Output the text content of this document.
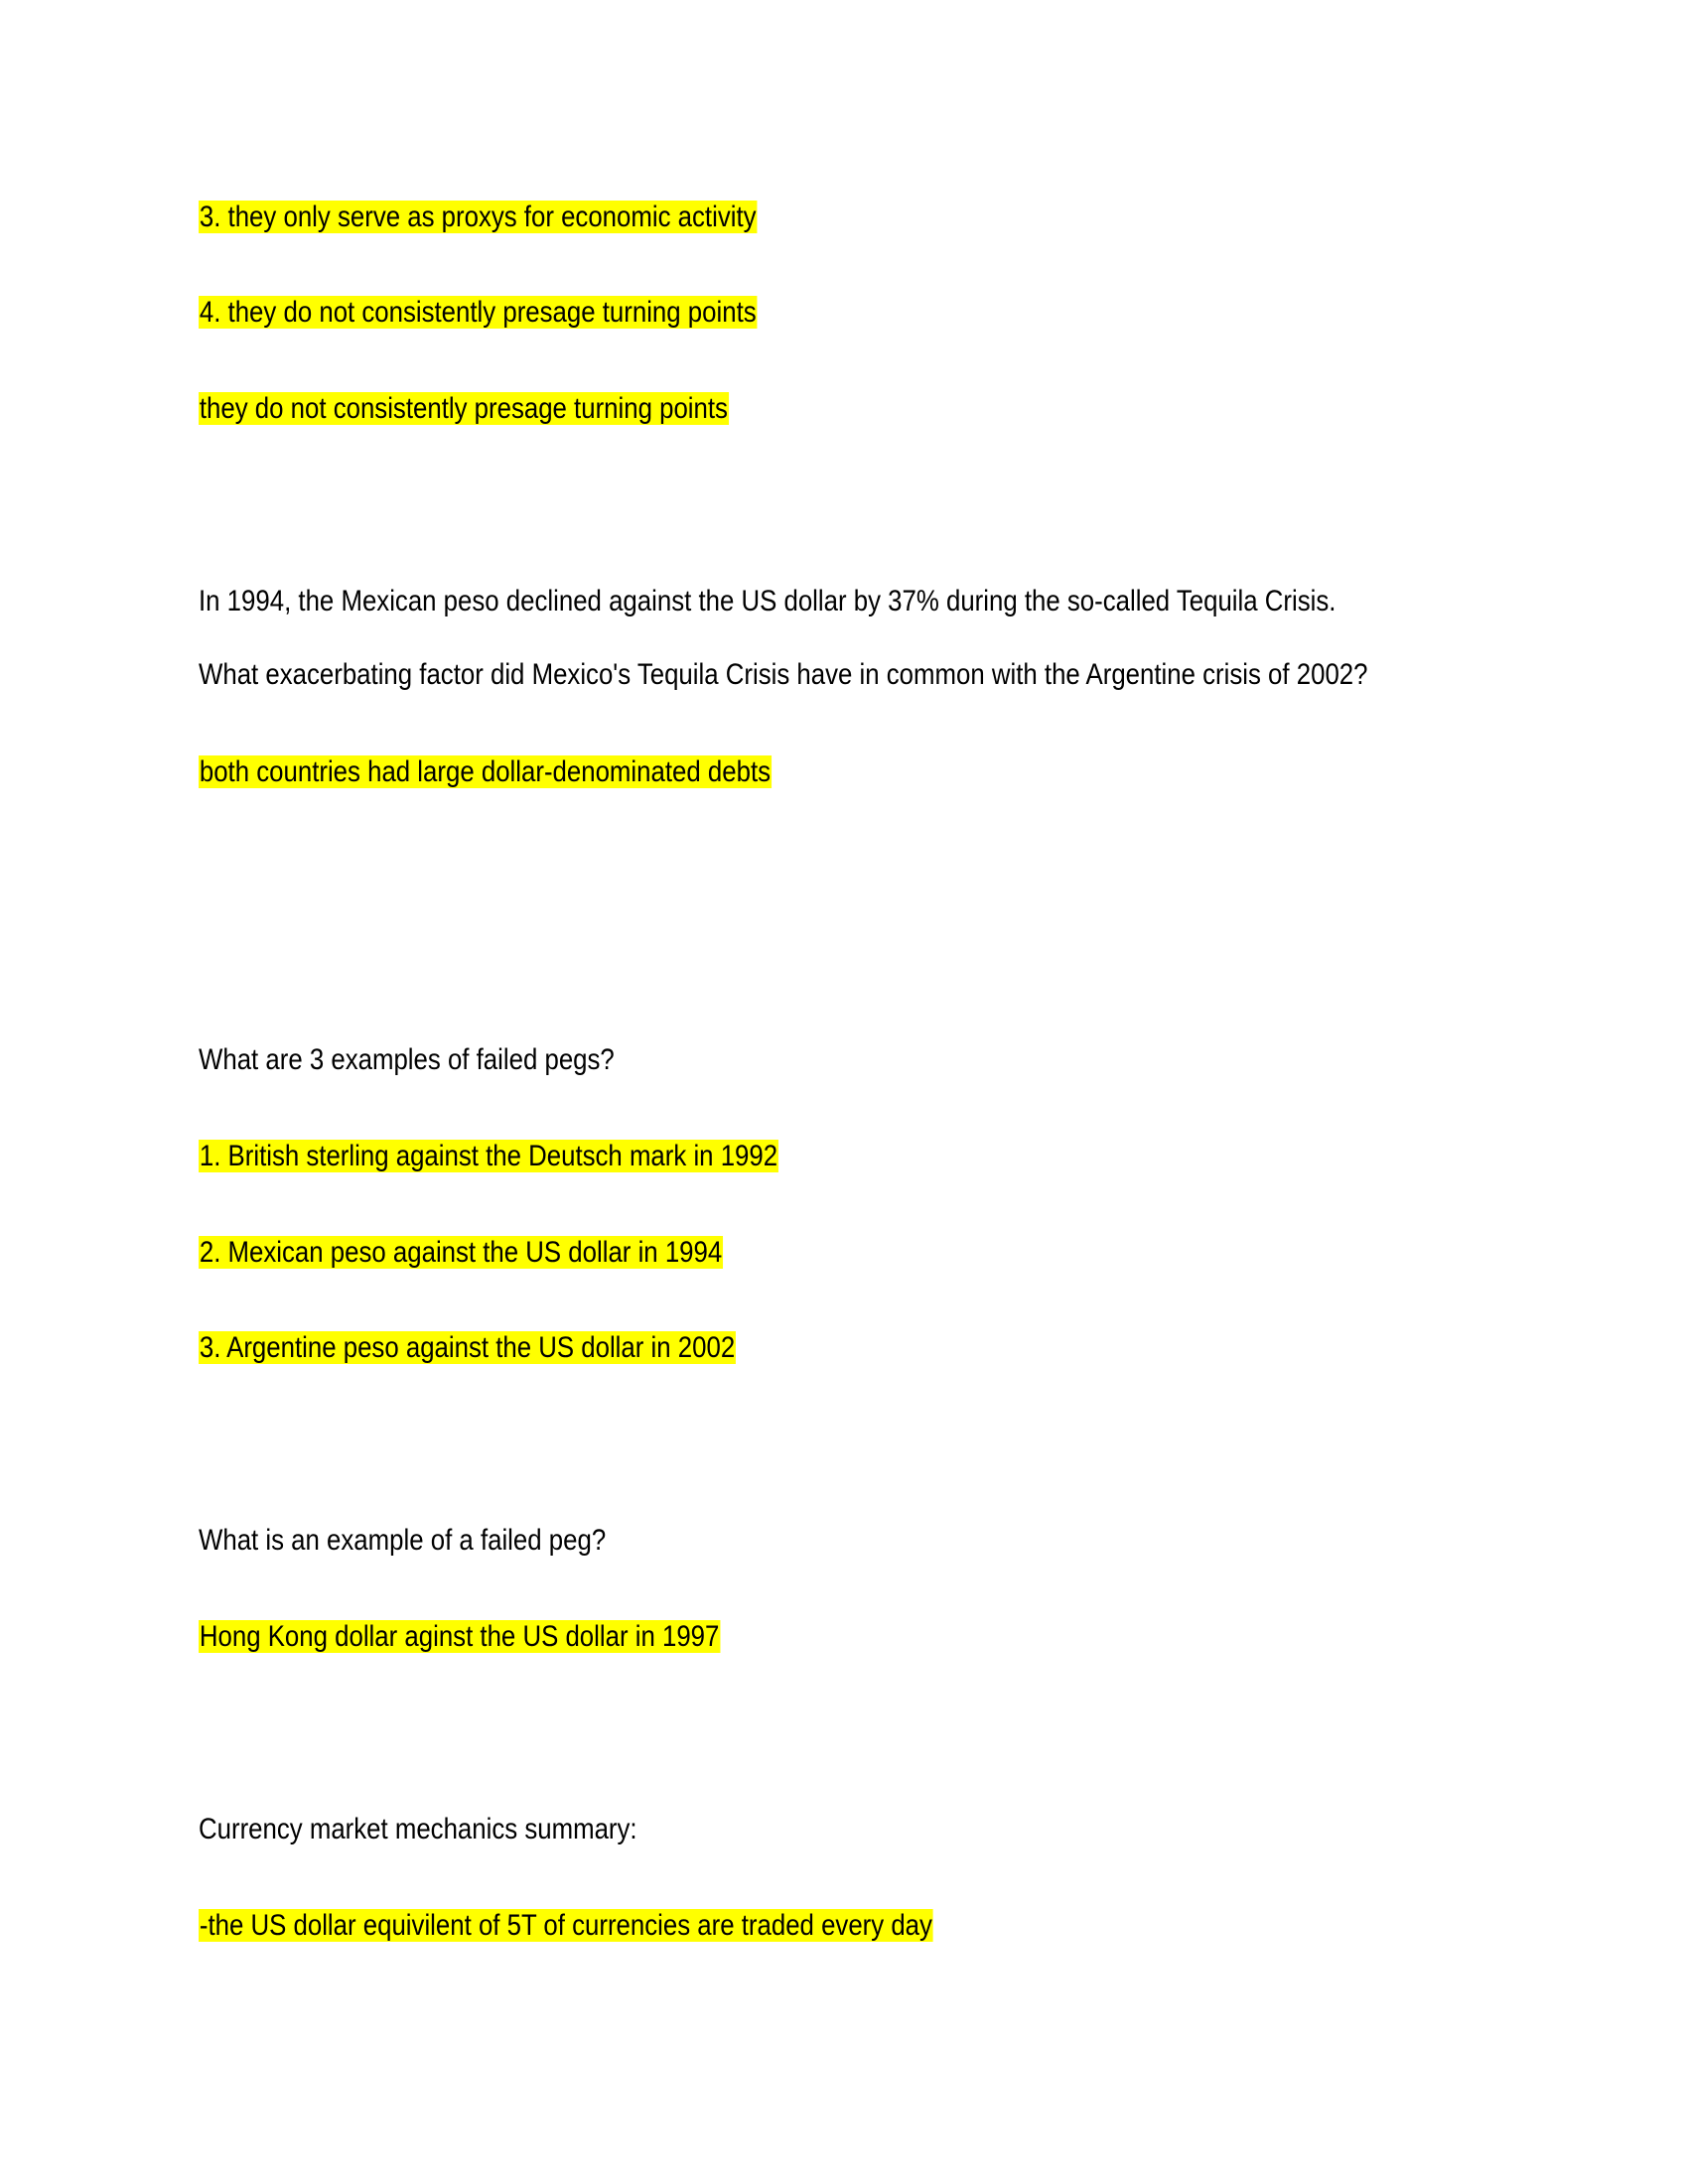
3. they only serve as proxys for economic activity
4. they do not consistently presage turning points
they do not consistently presage turning points
In 1994, the Mexican peso declined against the US dollar by 37% during the so-called Tequila Crisis.
What exacerbating factor did Mexico's Tequila Crisis have in common with the Argentine crisis of 2002?
both countries had large dollar-denominated debts
What are 3 examples of failed pegs?
1. British sterling against the Deutsch mark in 1992
2. Mexican peso against the US dollar in 1994
3. Argentine peso against the US dollar in 2002
What is an example of a failed peg?
Hong Kong dollar aginst the US dollar in 1997
Currency market mechanics summary:
-the US dollar equivilent of 5T of currencies are traded every day
